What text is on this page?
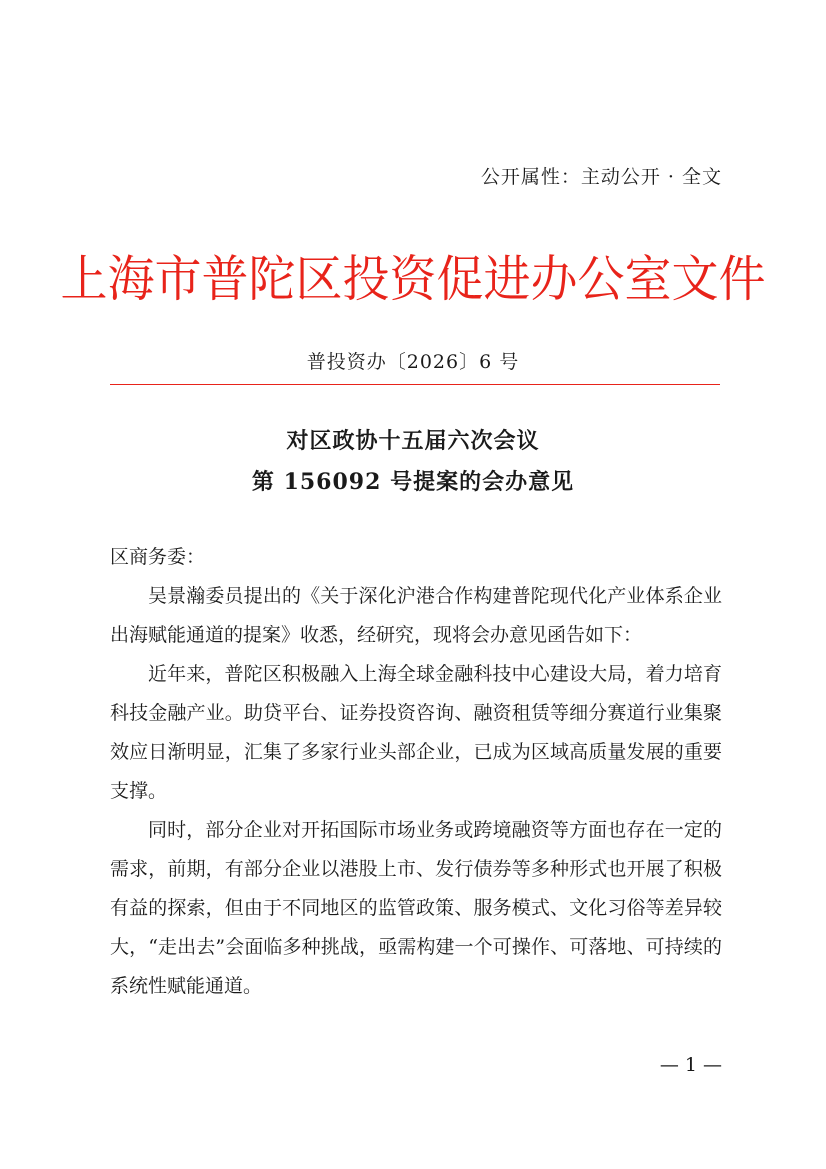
公开属性：主动公开 · 全文
上海市普陀区投资促进办公室文件
普投资办〔2026〕6 号
对区政协十五届六次会议
第 156092 号提案的会办意见

区商务委：

吴景瀚委员提出的《关于深化沪港合作构建普陀现代化产业体系企业出海赋能通道的提案》收悉，经研究，现将会办意见函告如下：

近年来，普陀区积极融入上海全球金融科技中心建设大局，着力培育科技金融产业。助贷平台、证券投资咨询、融资租赁等细分赛道行业集聚效应日渐明显，汇集了多家行业头部企业，已成为区域高质量发展的重要支撑。

同时，部分企业对开拓国际市场业务或跨境融资等方面也存在一定的需求，前期，有部分企业以港股上市、发行债券等多种形式也开展了积极有益的探索，但由于不同地区的监管政策、服务模式、文化习俗等差异较大，“走出去”会面临多种挑战，亟需构建一个可操作、可落地、可持续的系统性赋能通道。

— 1 —
